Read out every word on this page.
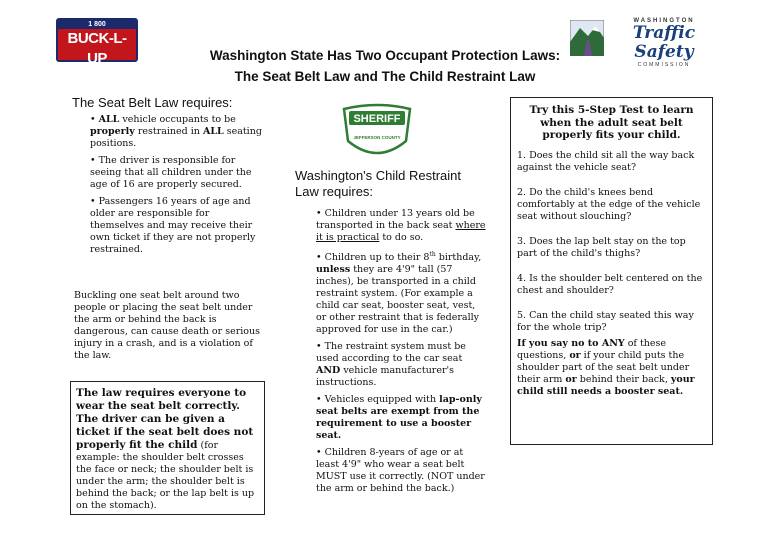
1 800
BUCK-L-UP
SAFETY RESTRAINT COALITION
WASHINGTON
Traffic Safety
COMMISSION
Washington State Has Two Occupant Protection Laws:
The Seat Belt Law and The Child Restraint Law
The Seat Belt Law requires:

• ALL vehicle occupants to be properly restrained in ALL seating positions.

• The driver is responsible for seeing that all children under the age of 16 are properly secured.

• Passengers 16 years of age and older are responsible for themselves and may receive their own ticket if they are not properly restrained.

Buckling one seat belt around two people or placing the seat belt under the arm or behind the back is dangerous, can cause death or serious injury in a crash, and is a violation of the law.
The law requires everyone to wear the seat belt correctly. The driver can be given a ticket if the seat belt does not properly fit the child (for example: the shoulder belt crosses the face or neck; the shoulder belt is under the arm; the shoulder belt is behind the back; or the lap belt is up on the stomach).
SHERIFF
JEFFERSON COUNTY
Washington's Child Restraint Law requires:

• Children under 13 years old be transported in the back seat where it is practical to do so.

• Children up to their 8th birthday, unless they are 4'9" tall (57 inches), be transported in a child restraint system. (For example a child car seat, booster seat, vest, or other restraint that is federally approved for use in the car.)

• The restraint system must be used according to the car seat AND vehicle manufacturer's instructions.

• Vehicles equipped with lap-only seat belts are exempt from the requirement to use a booster seat.

• Children 8-years of age or at least 4'9" who wear a seat belt MUST use it correctly. (NOT under the arm or behind the back.)

Try this 5-Step Test to learn when the adult seat belt properly fits your child.

1. Does the child sit all the way back against the vehicle seat?

2. Do the child's knees bend comfortably at the edge of the vehicle seat without slouching?

3. Does the lap belt stay on the top part of the child's thighs?

4. Is the shoulder belt centered on the chest and shoulder?

5. Can the child stay seated this way for the whole trip?

If you say no to ANY of these questions, or if your child puts the shoulder part of the seat belt under their arm or behind their back, your child still needs a booster seat.
